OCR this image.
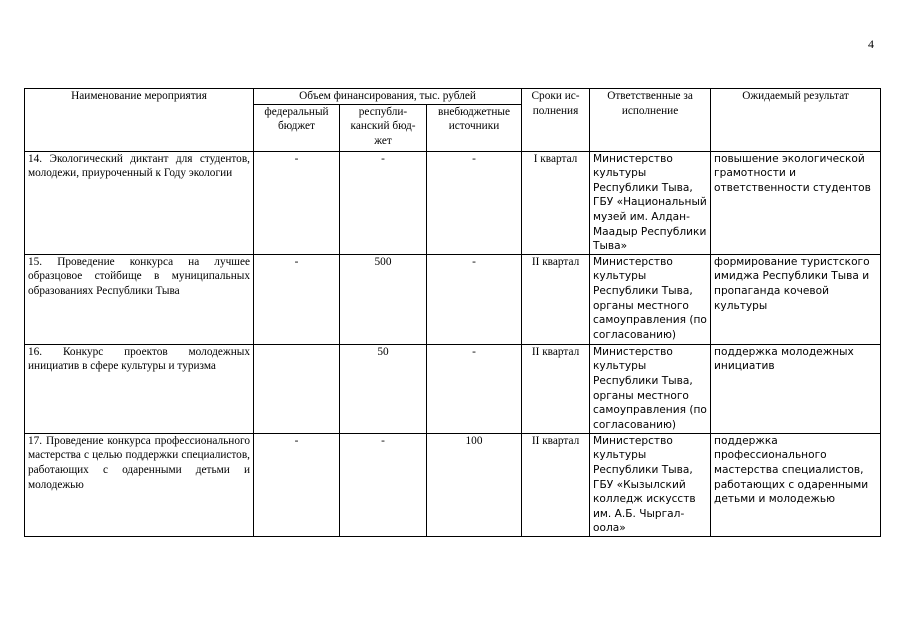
4
Наименование мероприятия	Объем финансирования, тыс. рублей			Сроки ис-полнения	Ответственные за исполнение	Ожидаемый результат
	федеральный бюджет	республи-канский бюд-жет	внебюджетные источники			
14. Экологический диктант для студентов, молодежи, приуроченный к Году экологии	-	-	-	I квартал	Министерство культуры Республики Тыва, ГБУ «Национальный музей им. Алдан-Маадыр Республики Тыва»	повышение экологической грамотности и ответственности студентов
15. Проведение конкурса на лучшее образцовое стойбище в муниципальных образованиях Республики Тыва	-	500	-	II квартал	Министерство культуры Республики Тыва, органы местного самоуправления (по согласованию)	формирование туристского имиджа Республики Тыва и пропаганда кочевой культуры
16. Конкурс проектов молодежных инициатив в сфере культуры и туризма		50	-	II квартал	Министерство культуры Республики Тыва, органы местного самоуправления (по согласованию)	поддержка молодежных инициатив
17. Проведение конкурса профессионального мастерства с целью поддержки специалистов, работающих с одаренными детьми и молодежью	-	-	100	II квартал	Министерство культуры Республики Тыва, ГБУ «Кызылский колледж искусств им. А.Б. Чыргал-оола»	поддержка профессионального мастерства специалистов, работающих с одаренными детьми и молодежью
